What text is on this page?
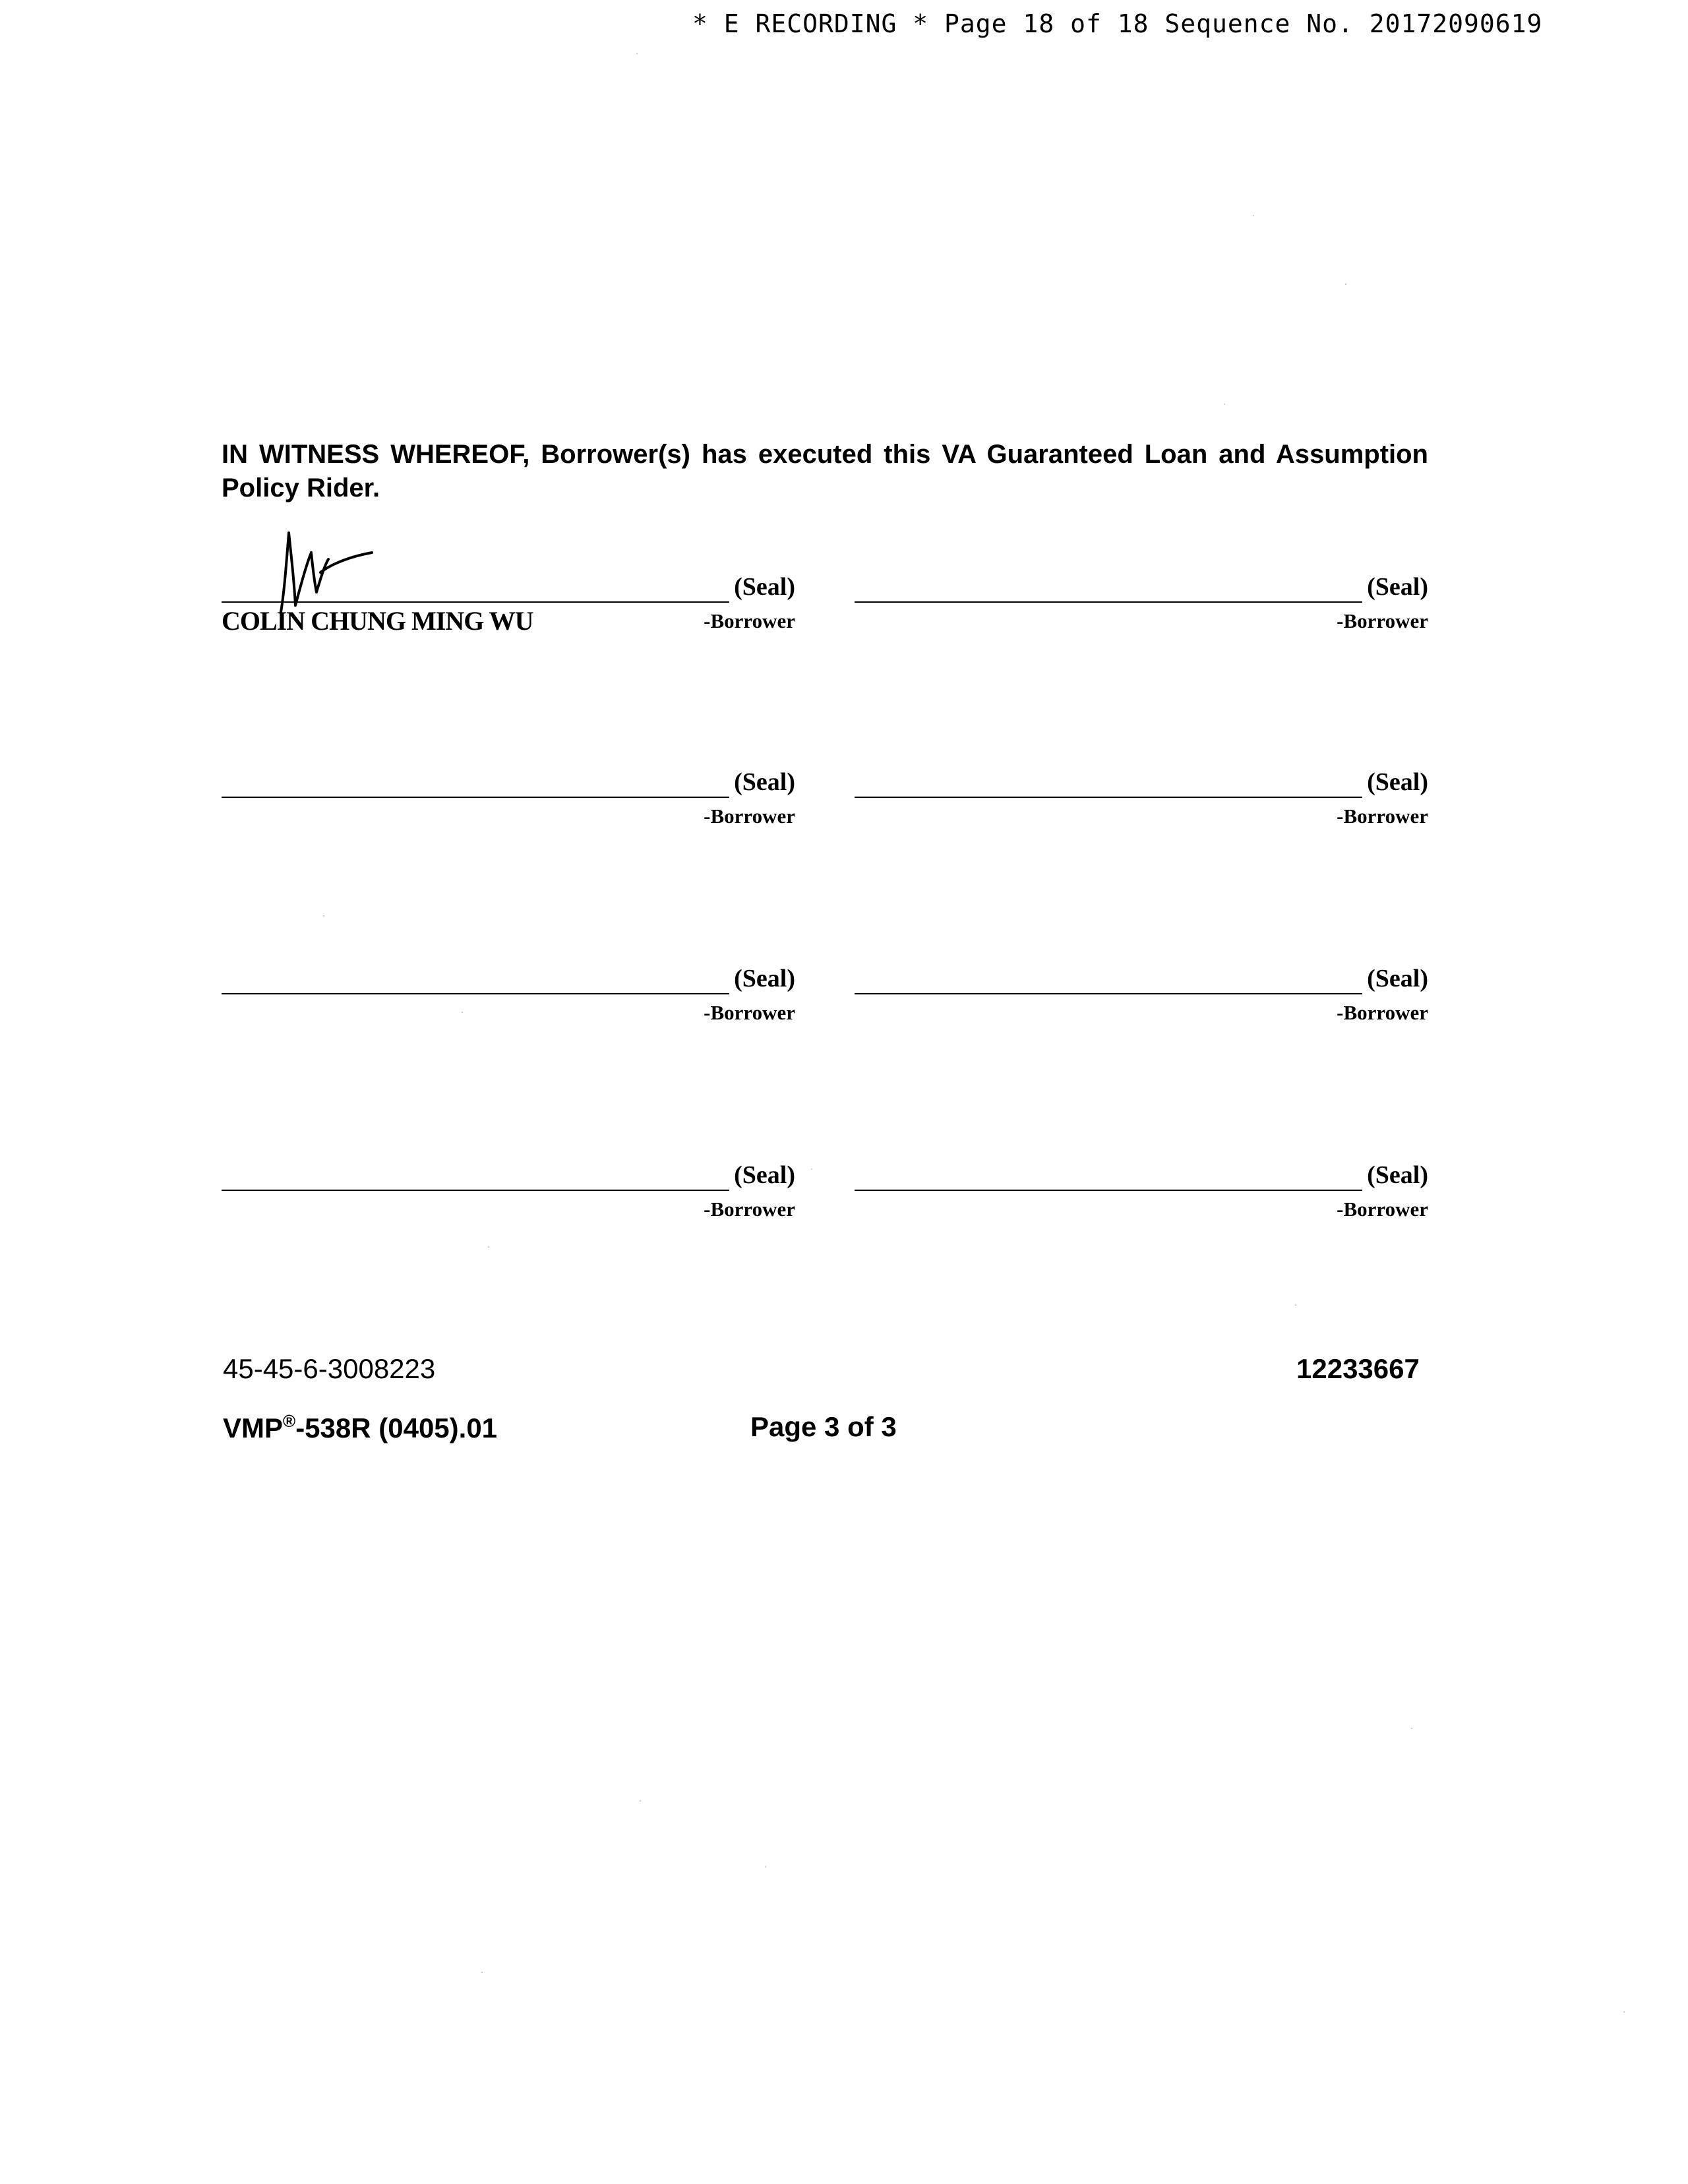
* E RECORDING * Page 18 of 18 Sequence No. 20172090619
IN WITNESS WHEREOF, Borrower(s) has executed this VA Guaranteed Loan and Assumption Policy Rider.
(Seal)
-Borrower
COLIN CHUNG MING WU
(Seal)
-Borrower
(Seal)
-Borrower
(Seal)
-Borrower
(Seal)
-Borrower
(Seal)
-Borrower
(Seal)
-Borrower
(Seal)
-Borrower
45-45-6-3008223	12233667
VMP®-538R (0405).01	Page 3 of 3
